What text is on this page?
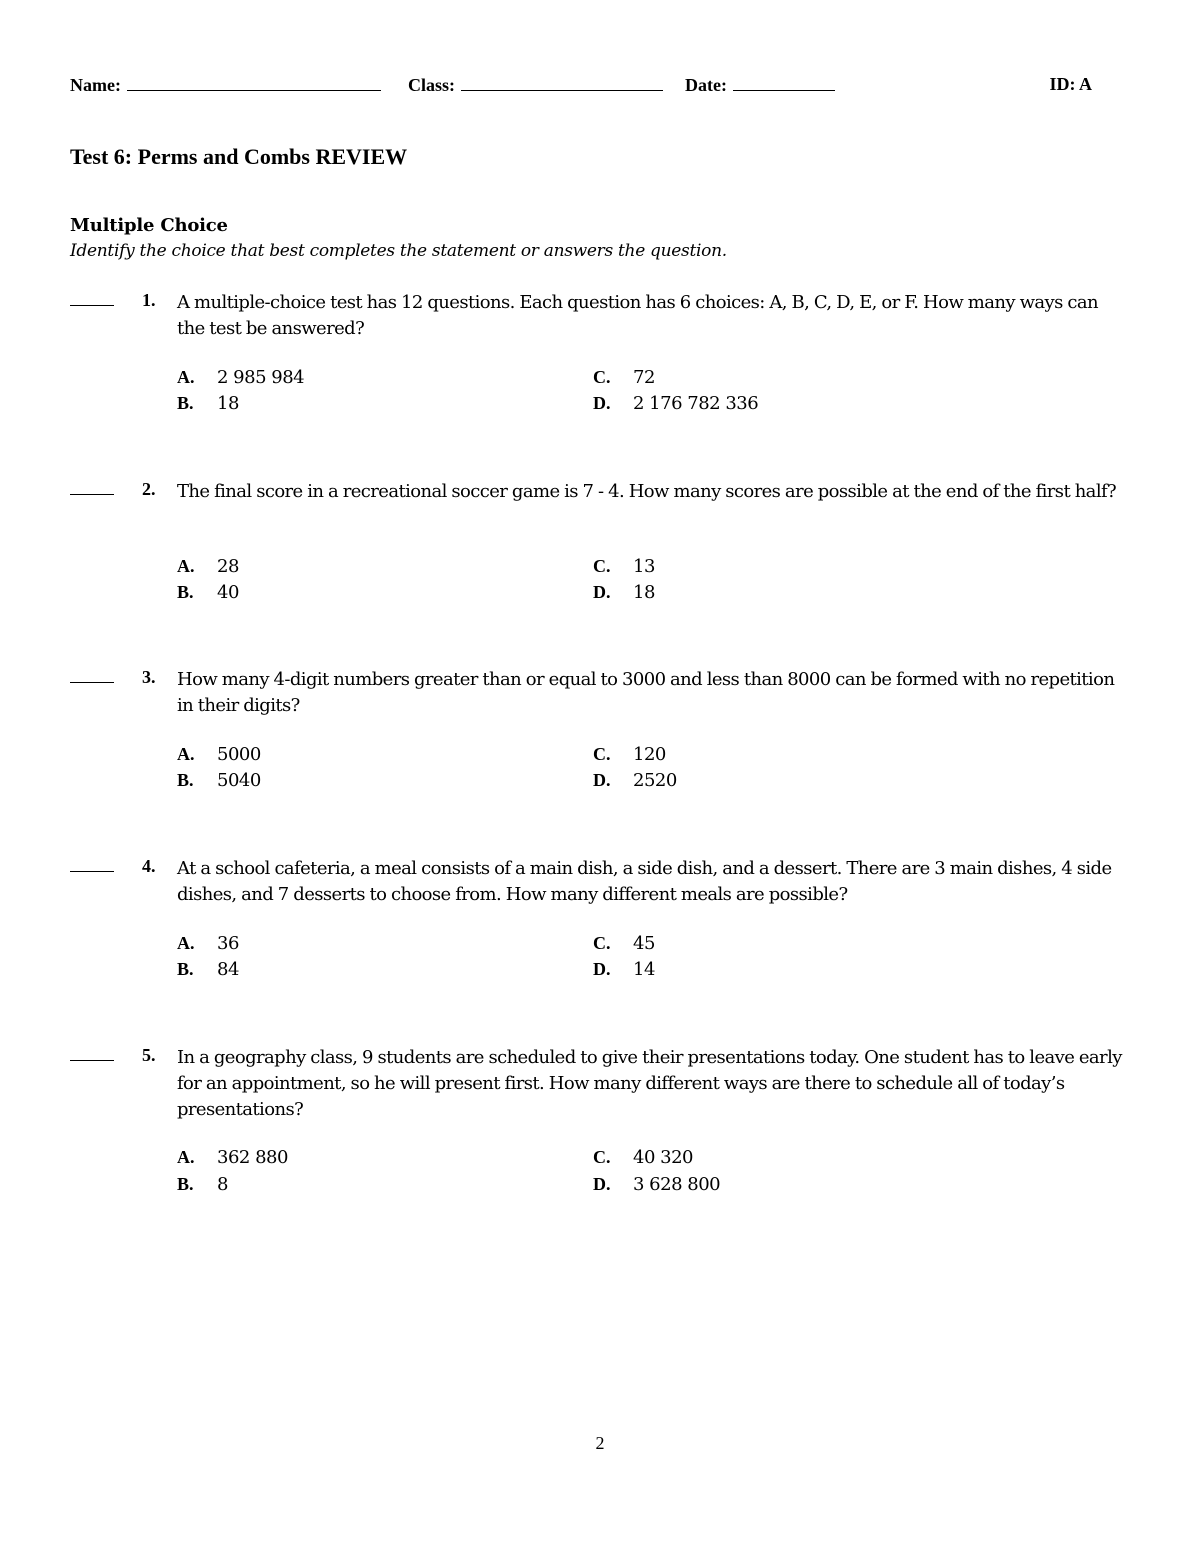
Name:	Class:	Date:	ID: A
Test 6: Perms and Combs REVIEW
Multiple Choice
Identify the choice that best completes the statement or answers the question.
1. A multiple-choice test has 12 questions. Each question has 6 choices: A, B, C, D, E, or F. How many ways can the test be answered?
A. 2 985 984
B. 18
C. 72
D. 2 176 782 336
2. The final score in a recreational soccer game is 7 - 4. How many scores are possible at the end of the first half?
A. 28
B. 40
C. 13
D. 18
3. How many 4-digit numbers greater than or equal to 3000 and less than 8000 can be formed with no repetition in their digits?
A. 5000
B. 5040
C. 120
D. 2520
4. At a school cafeteria, a meal consists of a main dish, a side dish, and a dessert. There are 3 main dishes, 4 side dishes, and 7 desserts to choose from. How many different meals are possible?
A. 36
B. 84
C. 45
D. 14
5. In a geography class, 9 students are scheduled to give their presentations today. One student has to leave early for an appointment, so he will present first. How many different ways are there to schedule all of today’s presentations?
A. 362 880
B. 8
C. 40 320
D. 3 628 800
2
